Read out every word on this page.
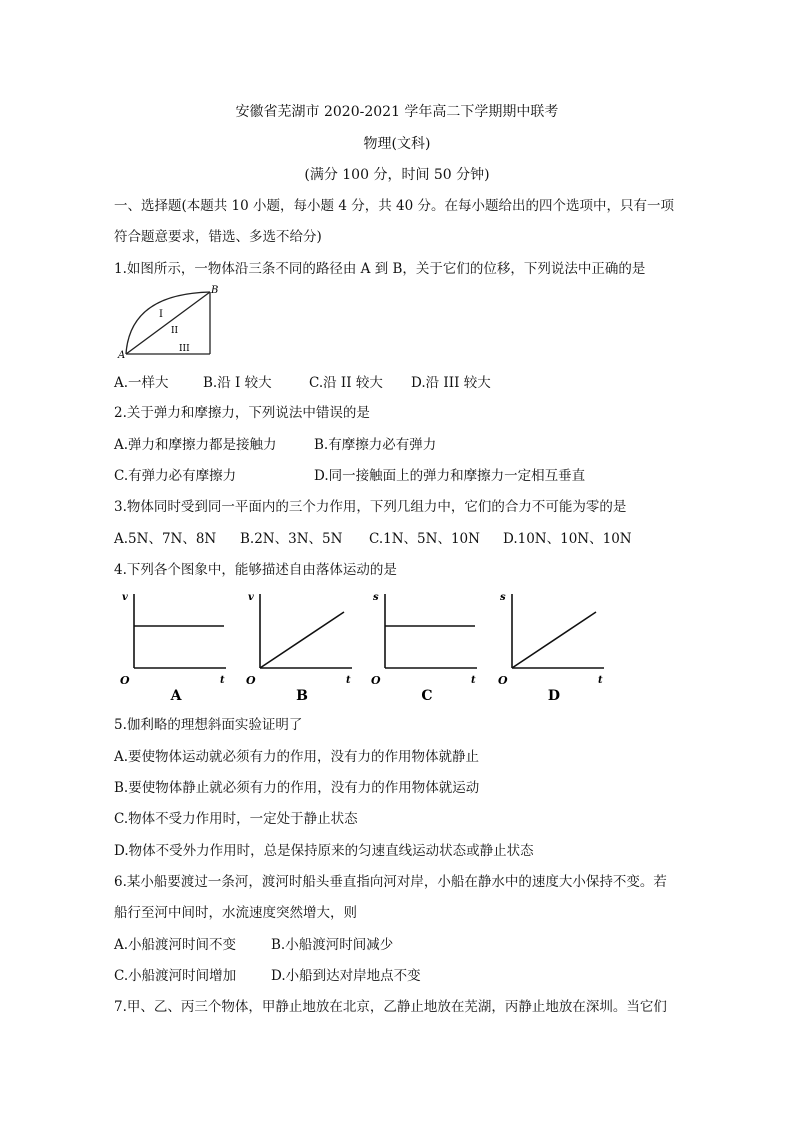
安徽省芜湖市 2020-2021 学年高二下学期期中联考
物理(文科)
(满分 100 分，时间 50 分钟)
一、选择题(本题共 10 小题，每小题 4 分，共 40 分。在每小题给出的四个选项中，只有一项
符合题意要求，错选、多选不给分)
1.如图所示，一物体沿三条不同的路径由 A 到 B，关于它们的位移，下列说法中正确的是
A
B
I
II
III
A.一样大	B.沿 I 较大	C.沿 II 较大 D.沿 III 较大
2.关于弹力和摩擦力，下列说法中错误的是
A.弹力和摩擦力都是接触力	B.有摩擦力必有弹力
C.有弹力必有摩擦力	D.同一接触面上的弹力和摩擦力一定相互垂直
3.物体同时受到同一平面内的三个力作用，下列几组力中，它们的合力不可能为零的是
A.5N、7N、8N B.2N、3N、5N C.1N、5N、10N D.10N、10N、10N
4.下列各个图象中，能够描述自由落体运动的是
v
t
O
A
v
t
O
B
s
t
O
C
s
t
O
D
5.伽利略的理想斜面实验证明了
A.要使物体运动就必须有力的作用，没有力的作用物体就静止
B.要使物体静止就必须有力的作用，没有力的作用物体就运动
C.物体不受力作用时，一定处于静止状态
D.物体不受外力作用时，总是保持原来的匀速直线运动状态或静止状态
6.某小船要渡过一条河，渡河时船头垂直指向河对岸，小船在静水中的速度大小保持不变。若
船行至河中间时，水流速度突然增大，则
A.小船渡河时间不变	B.小船渡河时间减少
C.小船渡河时间增加	D.小船到达对岸地点不变
7.甲、乙、丙三个物体，甲静止地放在北京，乙静止地放在芜湖，丙静止地放在深圳。当它们
